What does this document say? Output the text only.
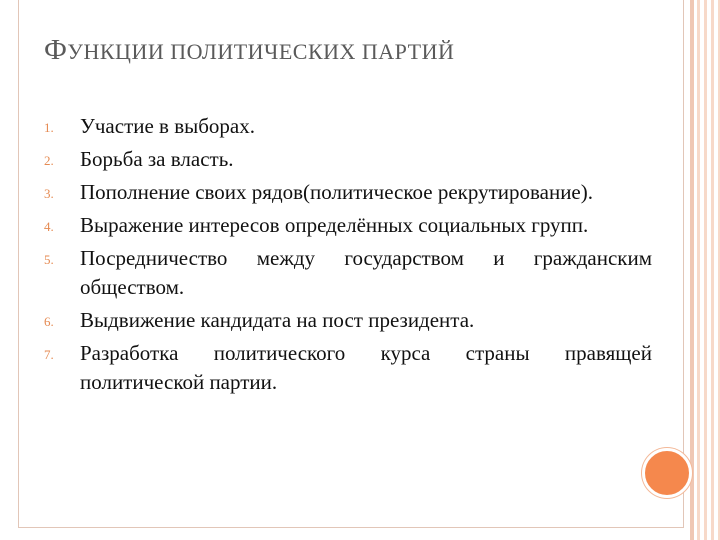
ФУНКЦИИ ПОЛИТИЧЕСКИХ ПАРТИЙ
1.	Участие в выборах.
2.	Борьба за власть.
3.	Пополнение своих рядов(политическое рекрутирование).
4.	Выражение интересов определённых социальных групп.
5.	Посредничество между государством и гражданским обществом.
6.	Выдвижение кандидата на пост президента.
7.	Разработка политического курса страны правящей политической партии.
